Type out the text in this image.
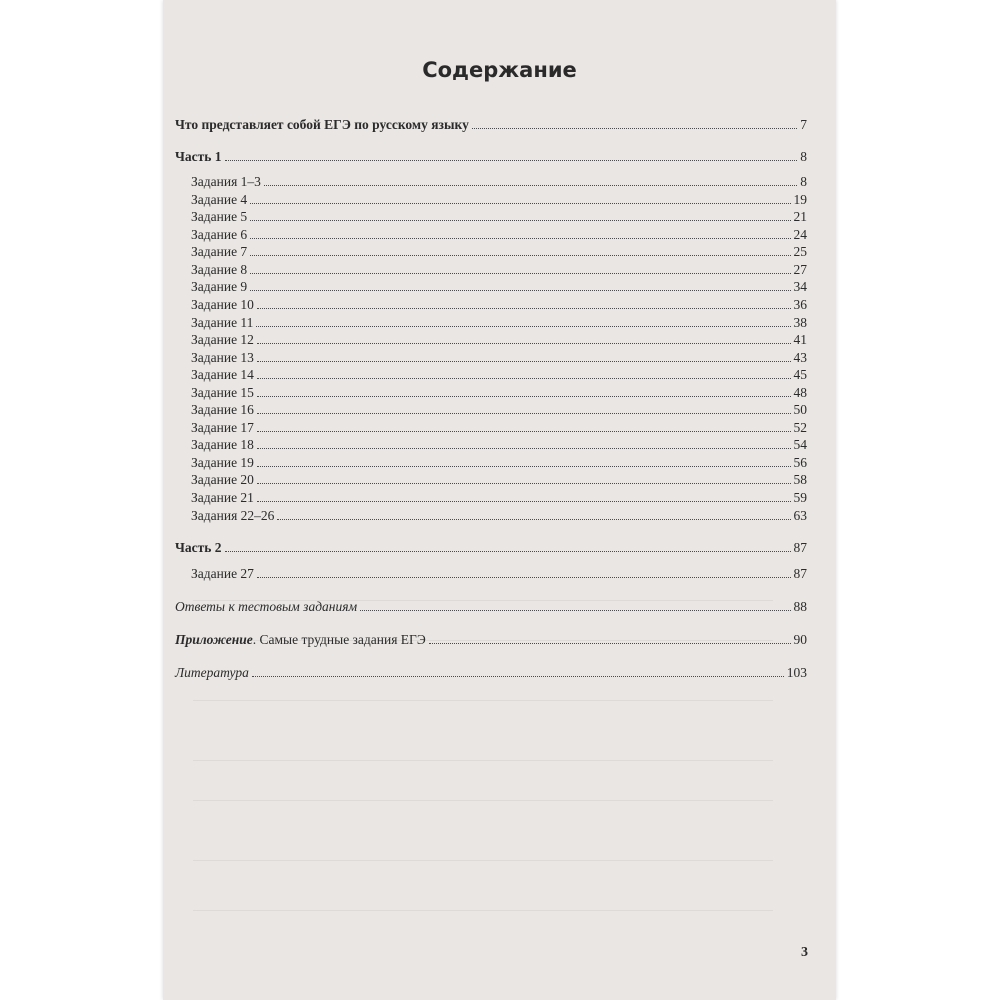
Содержание
Что представляет собой ЕГЭ по русскому языку	7
Часть 1	8
Задания 1–3	8
Задание 4	19
Задание 5	21
Задание 6	24
Задание 7	25
Задание 8	27
Задание 9	34
Задание 10	36
Задание 11	38
Задание 12	41
Задание 13	43
Задание 14	45
Задание 15	48
Задание 16	50
Задание 17	52
Задание 18	54
Задание 19	56
Задание 20	58
Задание 21	59
Задания 22–26	63
Часть 2	87
Задание 27	87
Ответы к тестовым заданиям	88
Приложение. Самые трудные задания ЕГЭ	90
Литература	103
3
